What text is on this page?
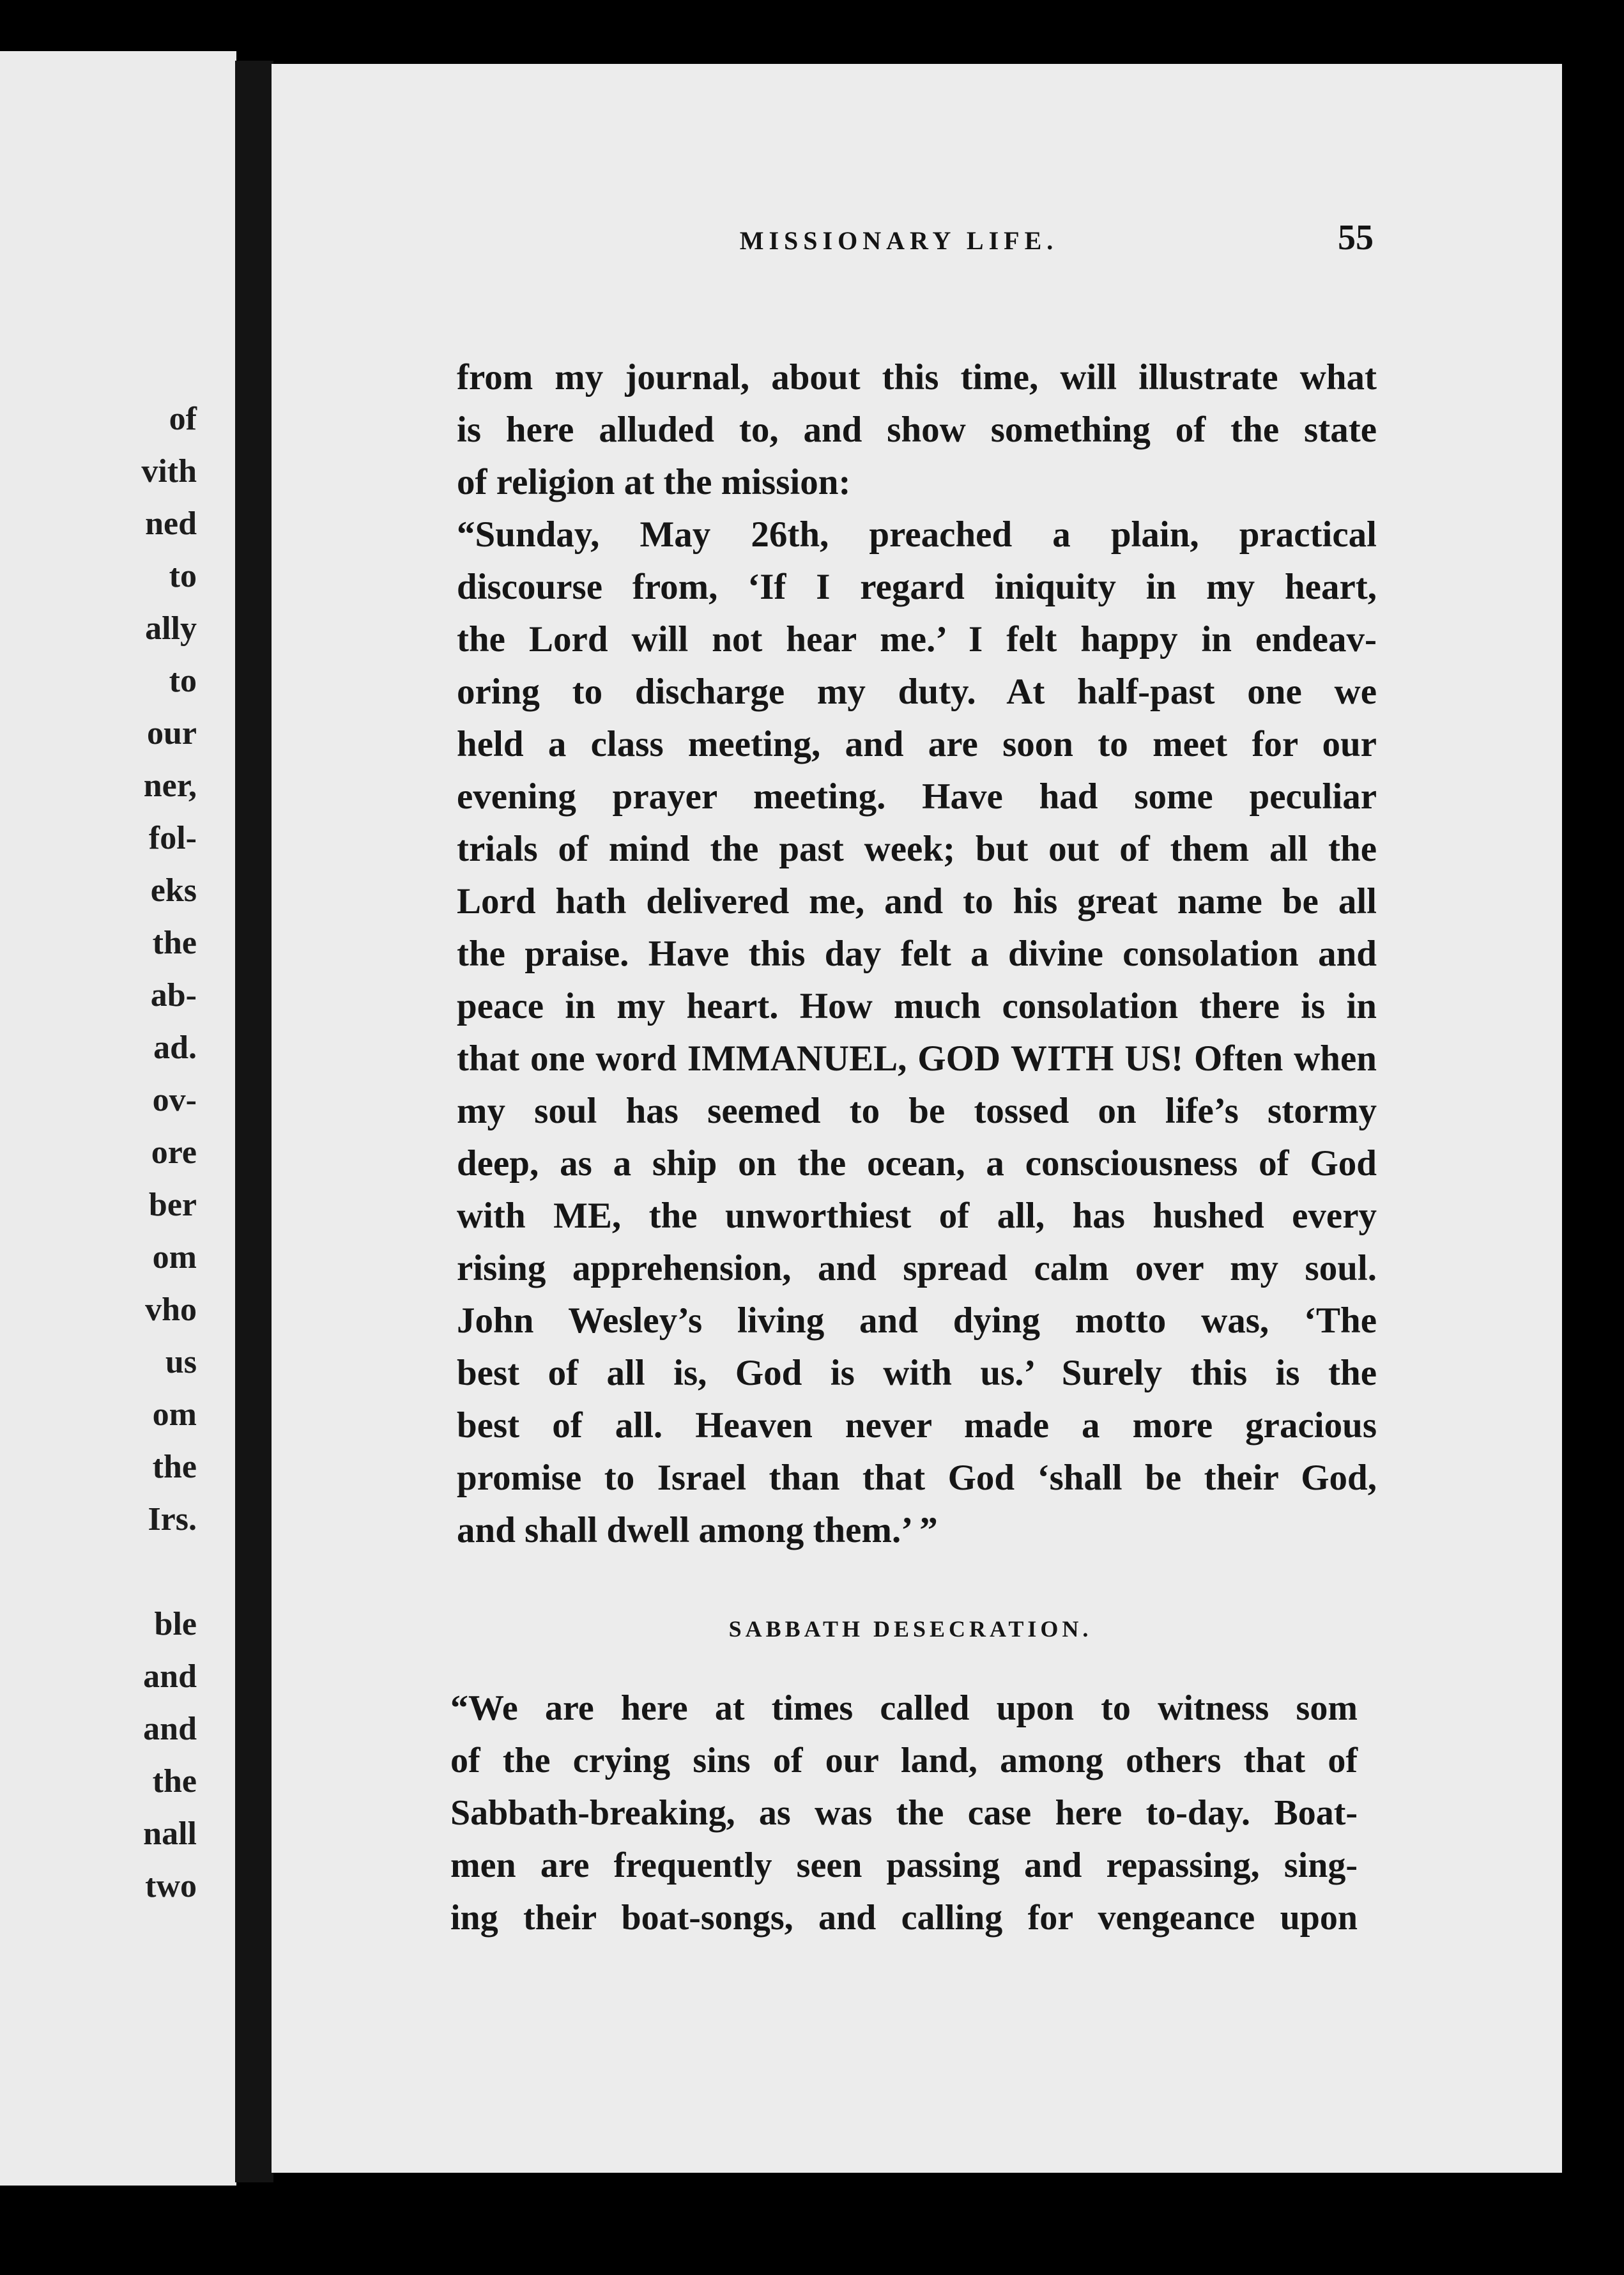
of
vith
ned
to
ally
to
our
ner,
fol-
eks
the
ab-
ad.
ov-
ore
ber
om
vho
us
om
the
Irs.
ble
and
and
the
nall
two
MISSIONARY LIFE.	55
from my journal, about this time, will illustrate what
is here alluded to, and show something of the state
of religion at the mission:
“Sunday, May 26th, preached a plain, practical
discourse from, ‘If I regard iniquity in my heart,
the Lord will not hear me.’ I felt happy in endeav-
oring to discharge my duty. At half-past one we
held a class meeting, and are soon to meet for our
evening prayer meeting. Have had some peculiar
trials of mind the past week; but out of them all the
Lord hath delivered me, and to his great name be all
the praise. Have this day felt a divine consolation and
peace in my heart. How much consolation there is in
that one word IMMANUEL, GOD WITH US! Often when
my soul has seemed to be tossed on life’s stormy
deep, as a ship on the ocean, a consciousness of God
with ME, the unworthiest of all, has hushed every
rising apprehension, and spread calm over my soul.
John Wesley’s living and dying motto was, ‘The
best of all is, God is with us.’ Surely this is the
best of all. Heaven never made a more gracious
promise to Israel than that God ‘shall be their God,
and shall dwell among them.’ ”
SABBATH DESECRATION.
“We are here at times called upon to witness som
of the crying sins of our land, among others that of
Sabbath-breaking, as was the case here to-day. Boat-
men are frequently seen passing and repassing, sing-
ing their boat-songs, and calling for vengeance upon
